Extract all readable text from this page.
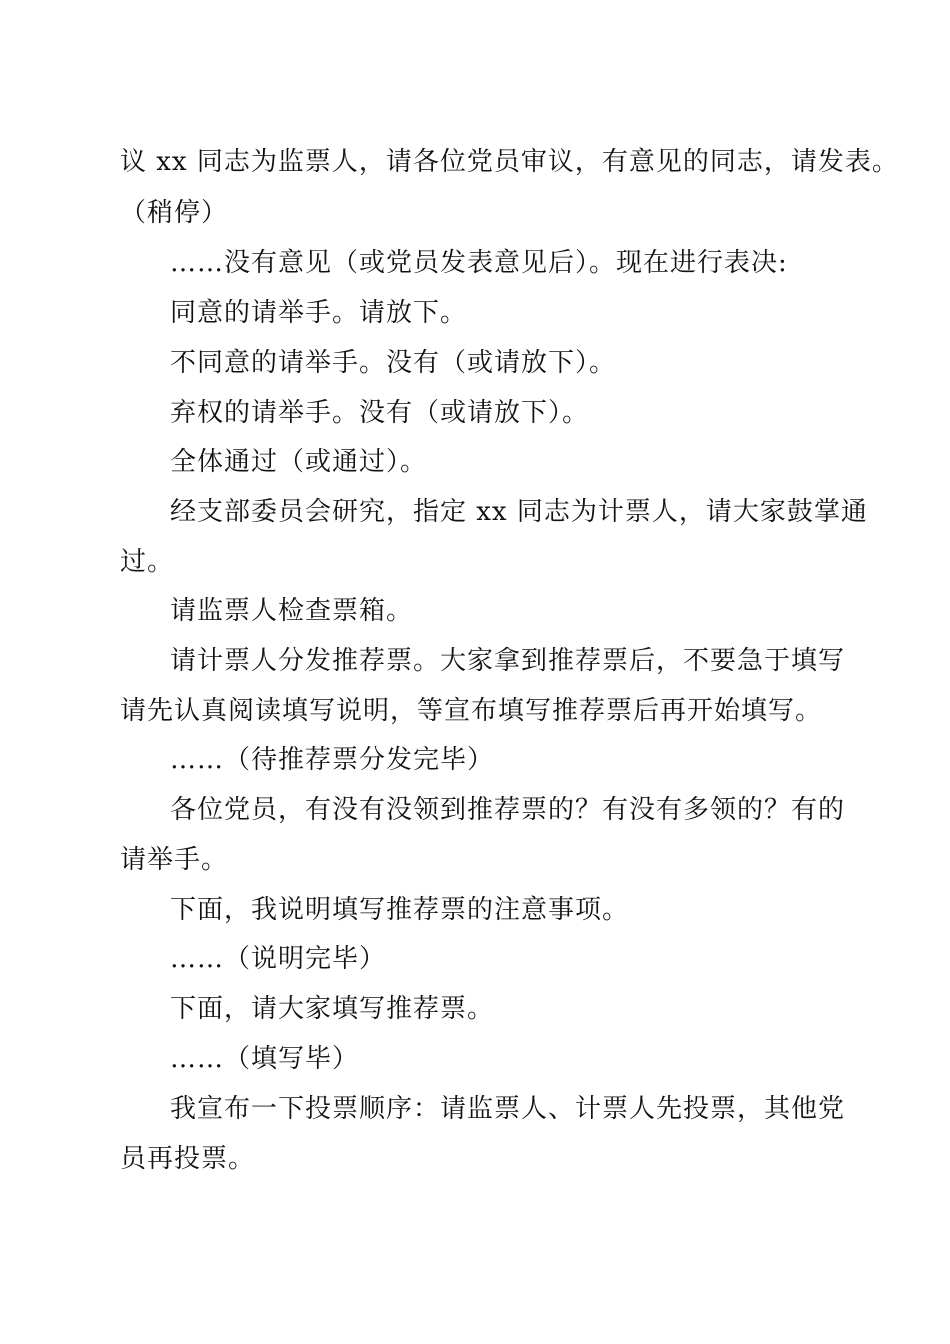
议 xx 同志为监票人，请各位党员审议，有意见的同志，请发表。
（稍停）
……没有意见（或党员发表意见后）。现在进行表决:
同意的请举手。请放下。
不同意的请举手。没有（或请放下）。
弃权的请举手。没有（或请放下）。
全体通过（或通过）。
经支部委员会研究，指定 xx 同志为计票人，请大家鼓掌通
过。
请监票人检查票箱。
请计票人分发推荐票。大家拿到推荐票后，不要急于填写
请先认真阅读填写说明，等宣布填写推荐票后再开始填写。
……（待推荐票分发完毕）
各位党员，有没有没领到推荐票的？有没有多领的？有的
请举手。
下面，我说明填写推荐票的注意事项。
……（说明完毕）
下面，请大家填写推荐票。
……（填写毕）
我宣布一下投票顺序：请监票人、计票人先投票，其他党
员再投票。
